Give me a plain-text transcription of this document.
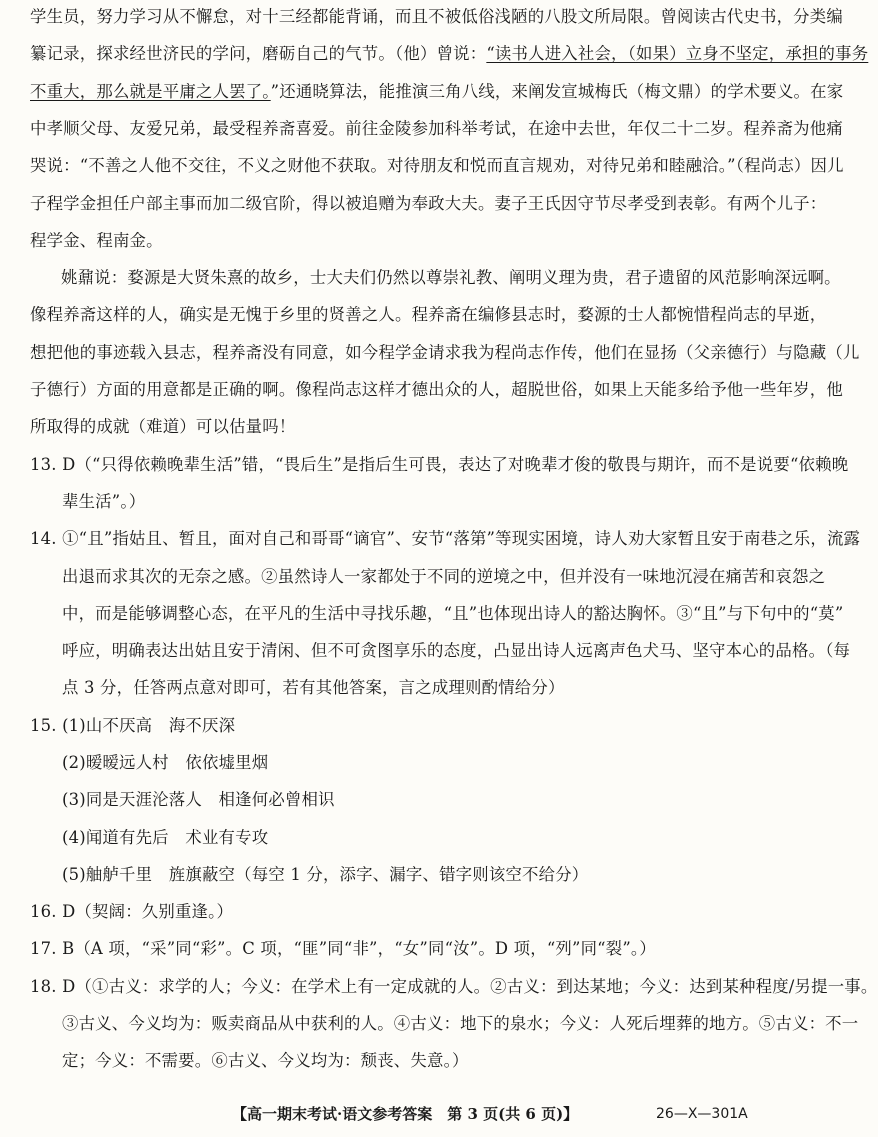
学生员，努力学习从不懈怠，对十三经都能背诵，而且不被低俗浅陋的八股文所局限。曾阅读古代史书，分类编
纂记录，探求经世济民的学问，磨砺自己的气节。（他）曾说：“读书人进入社会，（如果）立身不坚定，承担的事务
不重大，那么就是平庸之人罢了。”还通晓算法，能推演三角八线，来阐发宣城梅氏（梅文鼎）的学术要义。在家
中孝顺父母、友爱兄弟，最受程养斋喜爱。前往金陵参加科举考试，在途中去世，年仅二十二岁。程养斋为他痛
哭说：“不善之人他不交往，不义之财他不获取。对待朋友和悦而直言规劝，对待兄弟和睦融洽。”（程尚志）因儿
子程学金担任户部主事而加二级官阶，得以被追赠为奉政大夫。妻子王氏因守节尽孝受到表彰。有两个儿子：
程学金、程南金。
姚鼐说：婺源是大贤朱熹的故乡，士大夫们仍然以尊崇礼教、阐明义理为贵，君子遗留的风范影响深远啊。
像程养斋这样的人，确实是无愧于乡里的贤善之人。程养斋在编修县志时，婺源的士人都惋惜程尚志的早逝，
想把他的事迹载入县志，程养斋没有同意，如今程学金请求我为程尚志作传，他们在显扬（父亲德行）与隐藏（儿
子德行）方面的用意都是正确的啊。像程尚志这样才德出众的人，超脱世俗，如果上天能多给予他一些年岁，他
所取得的成就（难道）可以估量吗！
13. D（“只得依赖晚辈生活”错，“畏后生”是指后生可畏，表达了对晚辈才俊的敬畏与期许，而不是说要“依赖晚
辈生活”。）
14. ①“且”指姑且、暂且，面对自己和哥哥“谪官”、安节“落第”等现实困境，诗人劝大家暂且安于南巷之乐，流露
出退而求其次的无奈之感。②虽然诗人一家都处于不同的逆境之中，但并没有一味地沉浸在痛苦和哀怨之
中，而是能够调整心态，在平凡的生活中寻找乐趣，“且”也体现出诗人的豁达胸怀。③“且”与下句中的“莫”
呼应，明确表达出姑且安于清闲、但不可贪图享乐的态度，凸显出诗人远离声色犬马、坚守本心的品格。（每
点 3 分，任答两点意对即可，若有其他答案，言之成理则酌情给分）
15. (1)山不厌高　海不厌深
(2)暧暧远人村　依依墟里烟
(3)同是天涯沦落人　相逢何必曾相识
(4)闻道有先后　术业有专攻
(5)舳舻千里　旌旗蔽空（每空 1 分，添字、漏字、错字则该空不给分）
16. D（契阔：久别重逢。）
17. B（A 项，“采”同“彩”。C 项，“匪”同“非”，“女”同“汝”。D 项，“列”同“裂”。）
18. D（①古义：求学的人；今义：在学术上有一定成就的人。②古义：到达某地；今义：达到某种程度/另提一事。
【高一期末考试·语文参考答案　第 3 页(共 6 页)】	26—X—301A
③古义、今义均为：贩卖商品从中获利的人。④古义：地下的泉水；今义：人死后埋葬的地方。⑤古义：不一
定；今义：不需要。⑥古义、今义均为：颓丧、失意。）
